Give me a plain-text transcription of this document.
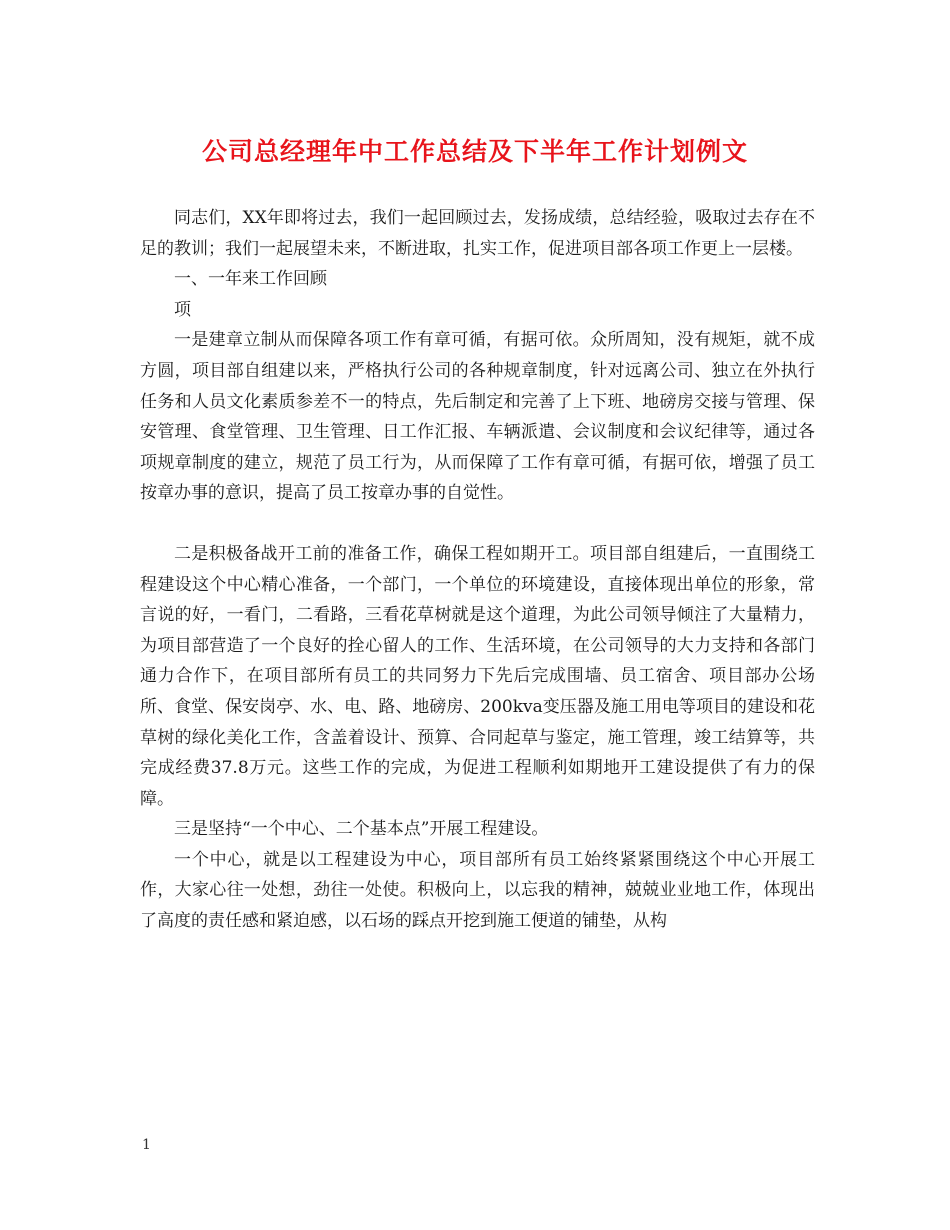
公司总经理年中工作总结及下半年工作计划例文

同志们，XX年即将过去，我们一起回顾过去，发扬成绩，总结经验，吸取过去存在不足的教训；我们一起展望未来，不断进取，扎实工作，促进项目部各项工作更上一层楼。

一、一年来工作回顾

项

一是建章立制从而保障各项工作有章可循，有据可依。众所周知，没有规矩，就不成方圆，项目部自组建以来，严格执行公司的各种规章制度，针对远离公司、独立在外执行任务和人员文化素质参差不一的特点，先后制定和完善了上下班、地磅房交接与管理、保安管理、食堂管理、卫生管理、日工作汇报、车辆派遣、会议制度和会议纪律等，通过各项规章制度的建立，规范了员工行为，从而保障了工作有章可循，有据可依，增强了员工按章办事的意识，提高了员工按章办事的自觉性。

二是积极备战开工前的准备工作，确保工程如期开工。项目部自组建后，一直围绕工程建设这个中心精心准备，一个部门，一个单位的环境建设，直接体现出单位的形象，常言说的好，一看门，二看路，三看花草树就是这个道理，为此公司领导倾注了大量精力，为项目部营造了一个良好的拴心留人的工作、生活环境，在公司领导的大力支持和各部门通力合作下，在项目部所有员工的共同努力下先后完成围墙、员工宿舍、项目部办公场所、食堂、保安岗亭、水、电、路、地磅房、200kva变压器及施工用电等项目的建设和花草树的绿化美化工作，含盖着设计、预算、合同起草与鉴定，施工管理，竣工结算等，共完成经费37.8万元。这些工作的完成，为促进工程顺利如期地开工建设提供了有力的保障。

三是坚持“一个中心、二个基本点”开展工程建设。

一个中心，就是以工程建设为中心，项目部所有员工始终紧紧围绕这个中心开展工作，大家心往一处想，劲往一处使。积极向上，以忘我的精神，兢兢业业地工作，体现出了高度的责任感和紧迫感，以石场的踩点开挖到施工便道的铺垫，从构

1
